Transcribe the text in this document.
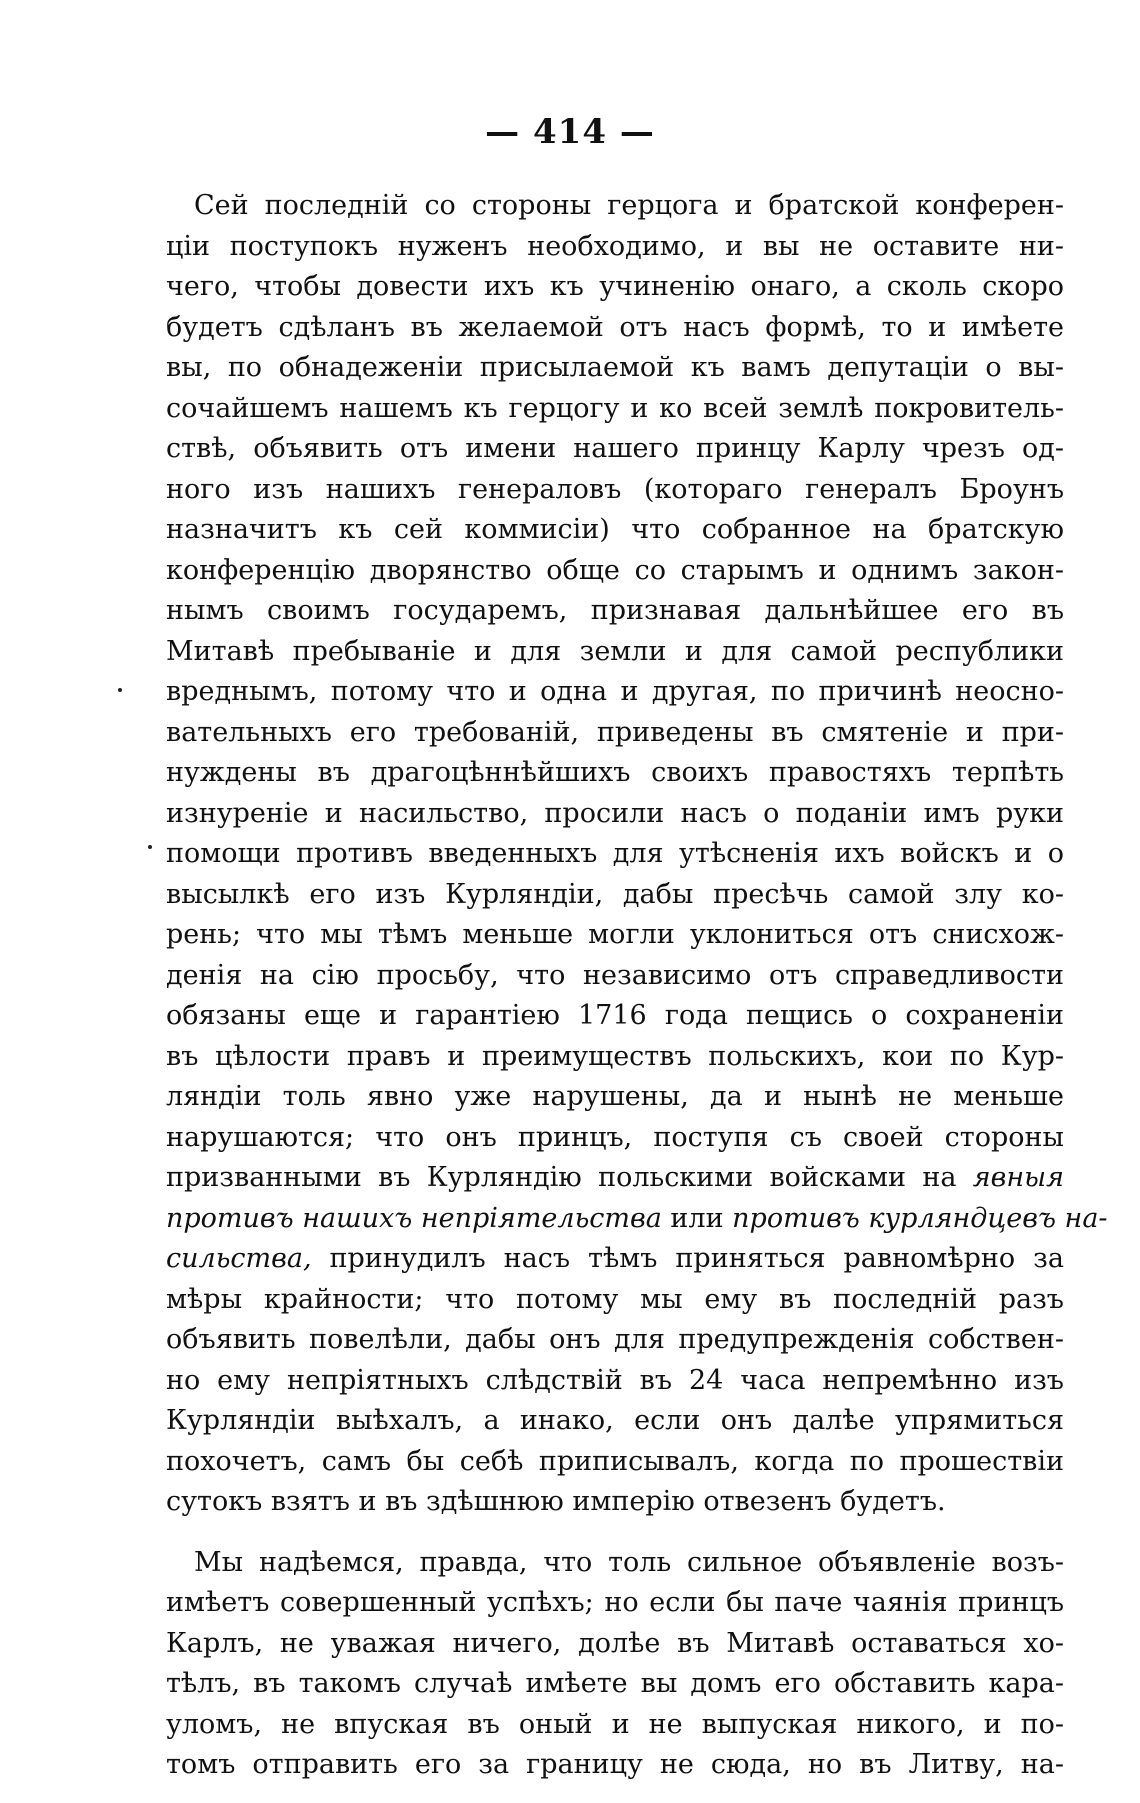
— 414 —
Сей последній со стороны герцога и братской конферен-
ціи поступокъ нуженъ необходимо, и вы не оставите ни-
чего, чтобы довести ихъ къ учиненію онаго, а сколь скоро
будетъ сдѣланъ въ желаемой отъ насъ формѣ, то и имѣете
вы, по обнадеженіи присылаемой къ вамъ депутаціи о вы-
сочайшемъ нашемъ къ герцогу и ко всей землѣ покровитель-
ствѣ, объявить отъ имени нашего принцу Карлу чрезъ од-
ного изъ нашихъ генераловъ (котораго генералъ Броунъ
назначитъ къ сей коммисіи) что собранное на братскую
конференцію дворянство обще со старымъ и однимъ закон-
нымъ своимъ государемъ, признавая дальнѣйшее его въ
Митавѣ пребываніе и для земли и для самой республики
вреднымъ, потому что и одна и другая, по причинѣ неосно-
вательныхъ его требованій, приведены въ смятеніе и при-
нуждены въ драгоцѣннѣйшихъ своихъ правостяхъ терпѣть
изнуреніе и насильство, просили насъ о поданіи имъ руки
помощи противъ введенныхъ для утѣсненія ихъ войскъ и о
высылкѣ его изъ Курляндіи, дабы пресѣчь самой злу ко-
рень; что мы тѣмъ меньше могли уклониться отъ снисхож-
денія на сію просьбу, что независимо отъ справедливости
обязаны еще и гарантіею 1716 года пещись о сохраненіи
въ цѣлости правъ и преимуществъ польскихъ, кои по Кур-
ляндіи толь явно уже нарушены, да и нынѣ не меньше
нарушаются; что онъ принцъ, поступя съ своей стороны
призванными въ Курляндію польскими войсками на явныя
противъ нашихъ непріятельства или противъ курляндцевъ на-
сильства, принудилъ насъ тѣмъ приняться равномѣрно за
мѣры крайности; что потому мы ему въ последній разъ
объявить повелѣли, дабы онъ для предупрежденія собствен-
но ему непріятныхъ слѣдствій въ 24 часа непремѣнно изъ
Курляндіи выѣхалъ, а инако, если онъ далѣе упрямиться
похочетъ, самъ бы себѣ приписывалъ, когда по прошествіи
сутокъ взятъ и въ здѣшнюю имперію отвезенъ будетъ.
Мы надѣемся, правда, что толь сильное объявленіе возъ-
имѣетъ совершенный успѣхъ; но если бы паче чаянія принцъ
Карлъ, не уважая ничего, долѣе въ Митавѣ оставаться хо-
тѣлъ, въ такомъ случаѣ имѣете вы домъ его обставить кара-
уломъ, не впуская въ оный и не выпуская никого, и по-
томъ отправить его за границу не сюда, но въ Литву, на-
